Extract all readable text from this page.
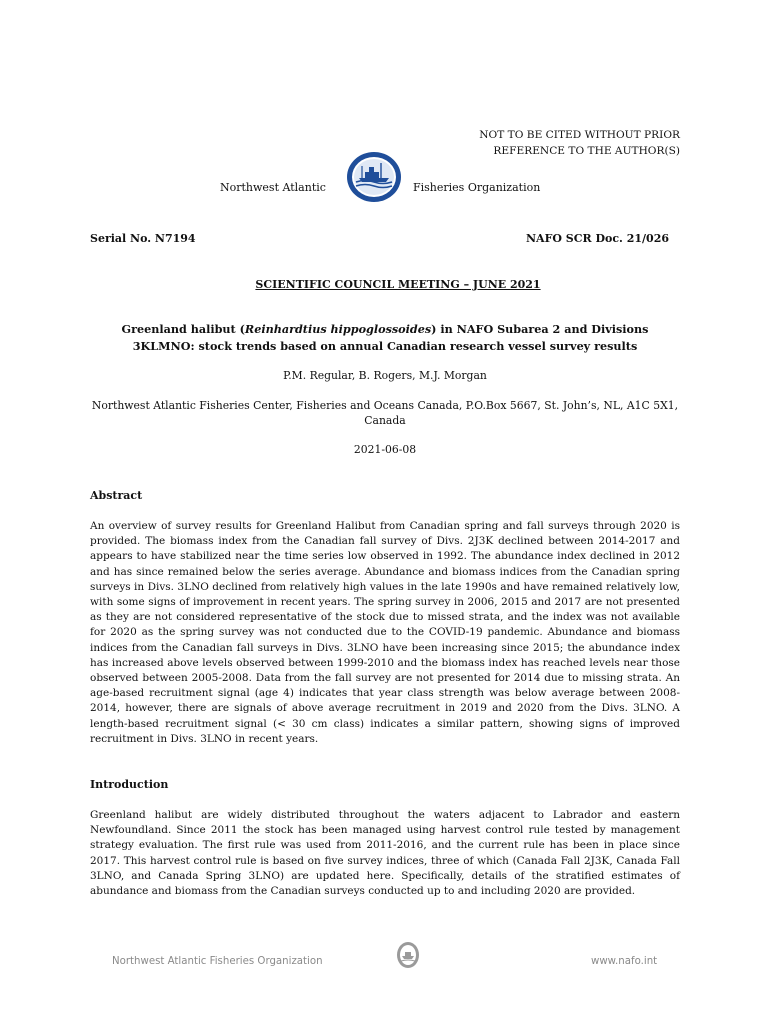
NOT TO BE CITED WITHOUT PRIOR
REFERENCE TO THE AUTHOR(S)
Northwest Atlantic	Fisheries Organization
Serial No. N7194	NAFO SCR Doc. 21/026
SCIENTIFIC COUNCIL MEETING – JUNE 2021
Greenland halibut (Reinhardtius hippoglossoides) in NAFO Subarea 2 and Divisions 3KLMNO: stock trends based on annual Canadian research vessel survey results
P.M. Regular, B. Rogers, M.J. Morgan
Northwest Atlantic Fisheries Center, Fisheries and Oceans Canada, P.O.Box 5667, St. John’s, NL, A1C 5X1, Canada
2021-06-08
Abstract
An overview of survey results for Greenland Halibut from Canadian spring and fall surveys through 2020 is provided. The biomass index from the Canadian fall survey of Divs. 2J3K declined between 2014-2017 and appears to have stabilized near the time series low observed in 1992. The abundance index declined in 2012 and has since remained below the series average. Abundance and biomass indices from the Canadian spring surveys in Divs. 3LNO declined from relatively high values in the late 1990s and have remained relatively low, with some signs of improvement in recent years. The spring survey in 2006, 2015 and 2017 are not presented as they are not considered representative of the stock due to missed strata, and the index was not available for 2020 as the spring survey was not conducted due to the COVID-19 pandemic. Abundance and biomass indices from the Canadian fall surveys in Divs. 3LNO have been increasing since 2015; the abundance index has increased above levels observed between 1999-2010 and the biomass index has reached levels near those observed between 2005-2008. Data from the fall survey are not presented for 2014 due to missing strata. An age-based recruitment signal (age 4) indicates that year class strength was below average between 2008-2014, however, there are signals of above average recruitment in 2019 and 2020 from the Divs. 3LNO. A length-based recruitment signal (< 30 cm class) indicates a similar pattern, showing signs of improved recruitment in Divs. 3LNO in recent years.
Introduction
Greenland halibut are widely distributed throughout the waters adjacent to Labrador and eastern Newfoundland. Since 2011 the stock has been managed using harvest control rule tested by management strategy evaluation. The first rule was used from 2011-2016, and the current rule has been in place since 2017. This harvest control rule is based on five survey indices, three of which (Canada Fall 2J3K, Canada Fall 3LNO, and Canada Spring 3LNO) are updated here. Specifically, details of the stratified estimates of abundance and biomass from the Canadian surveys conducted up to and including 2020 are provided.
Northwest Atlantic Fisheries Organization	www.nafo.int
